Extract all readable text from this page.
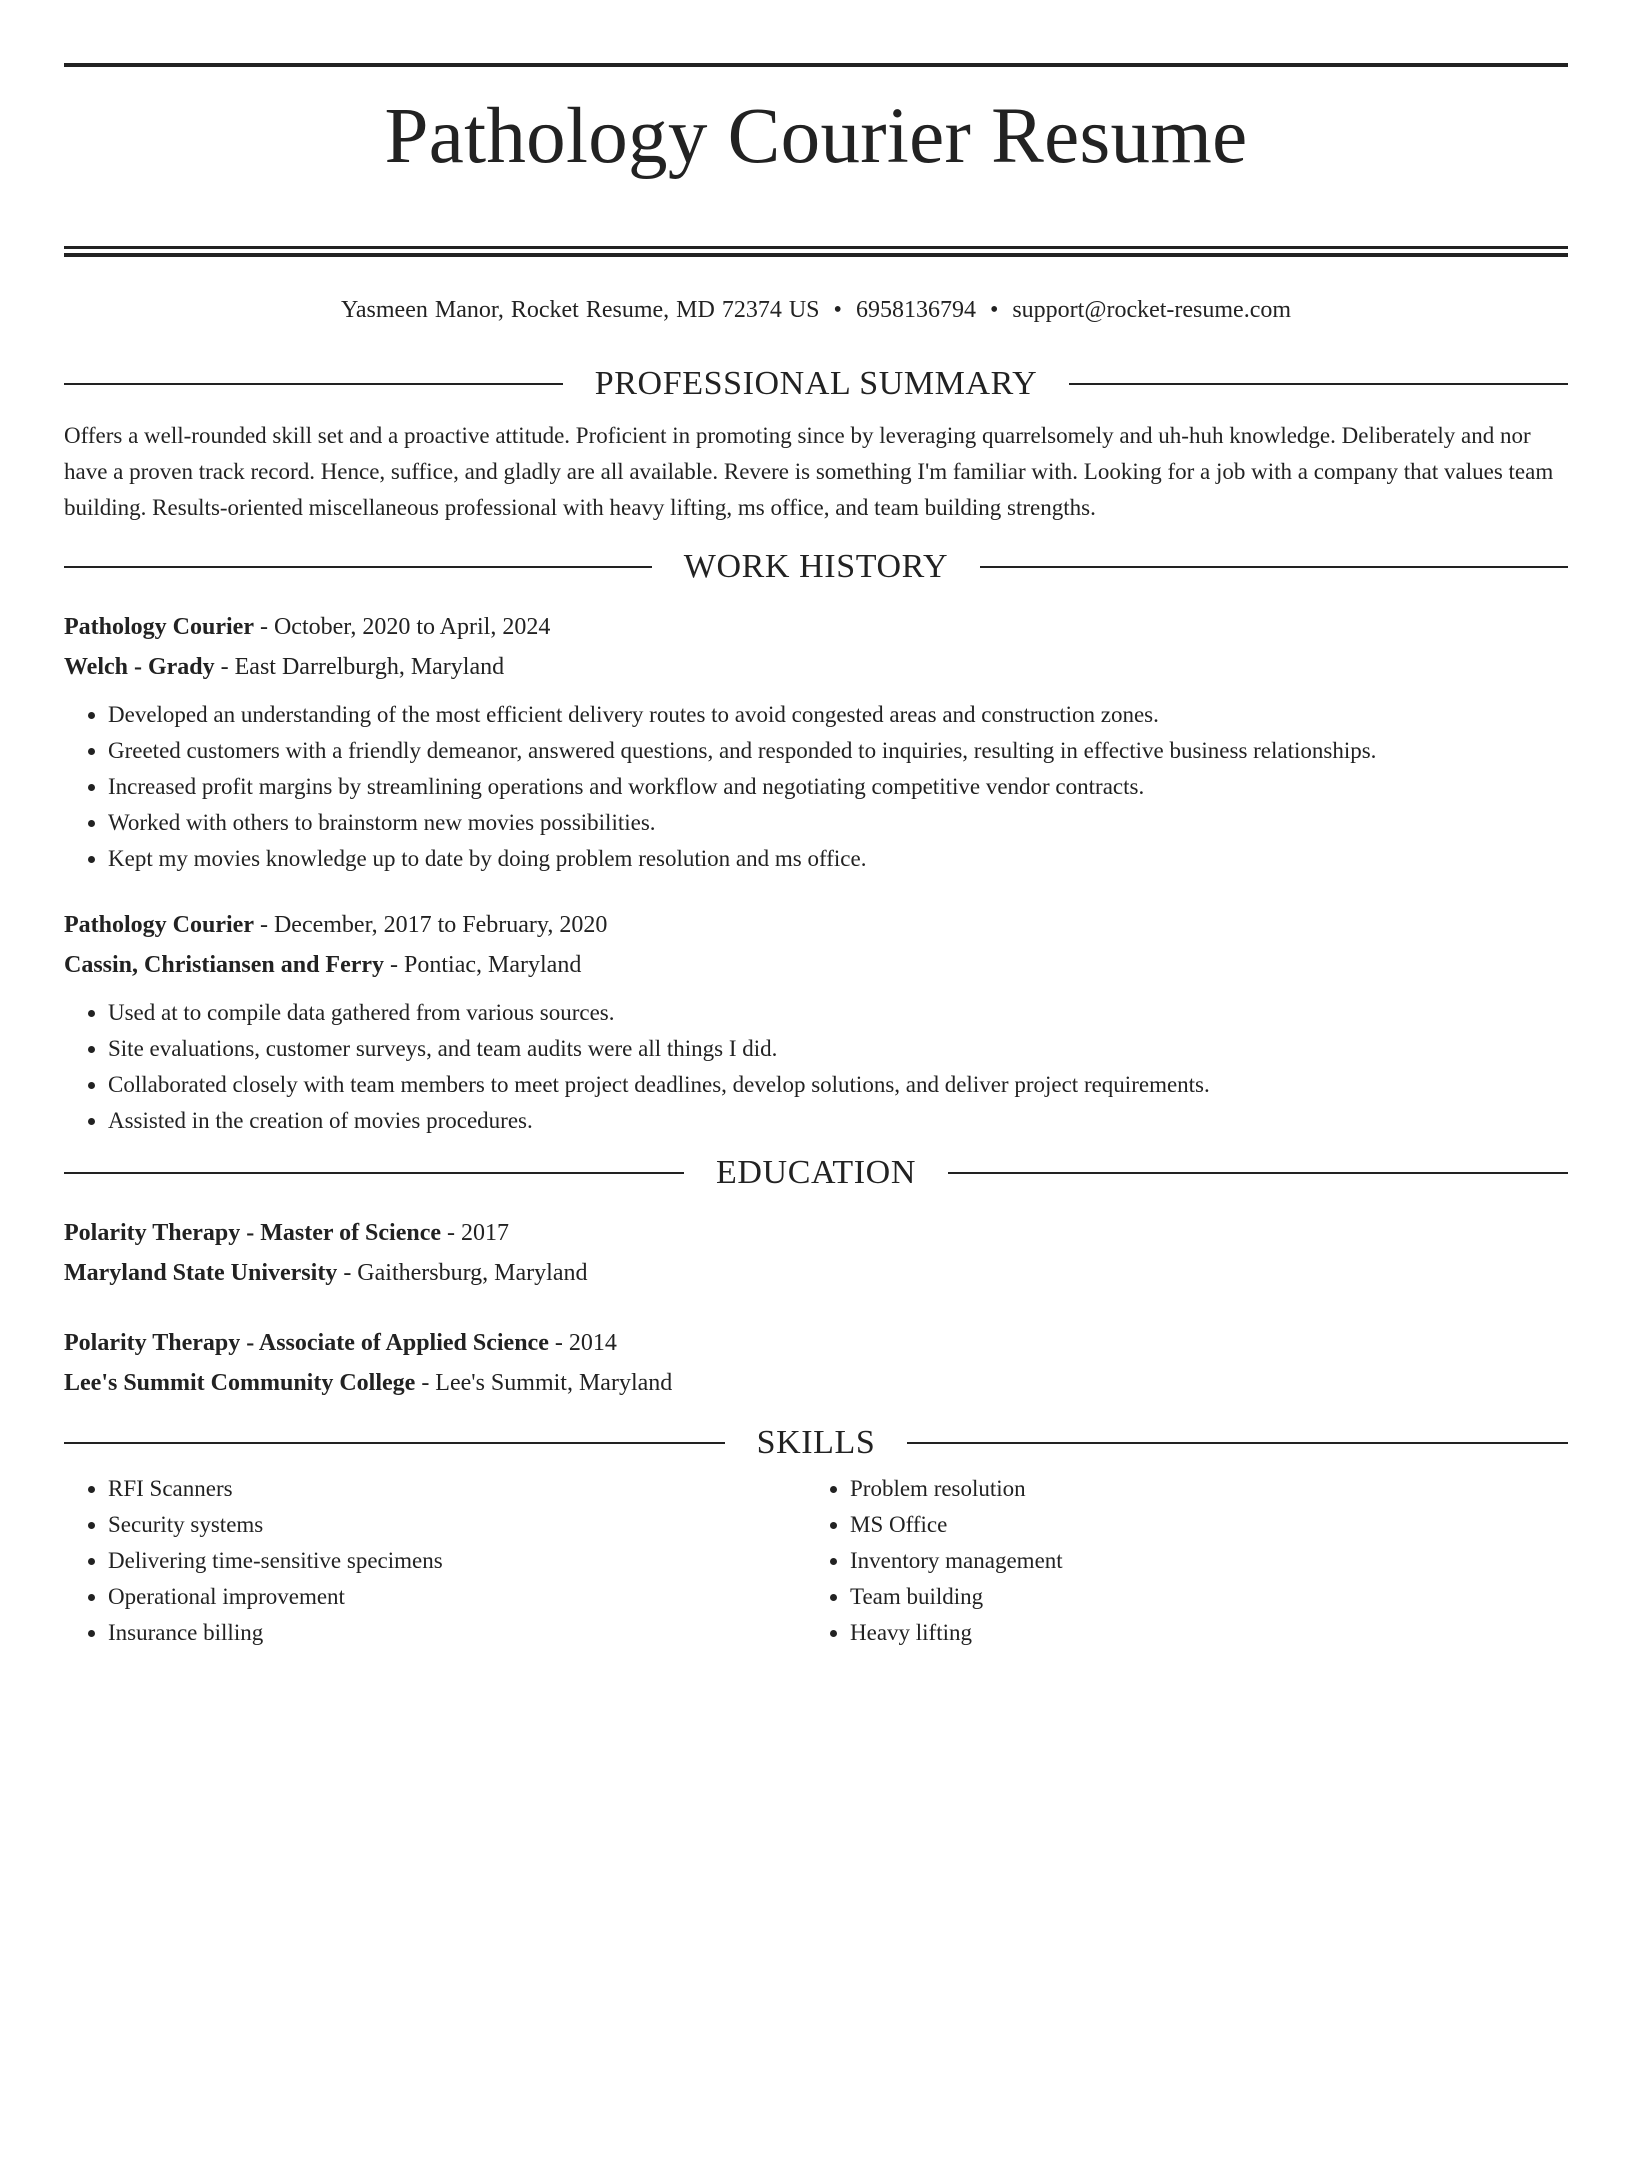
Pathology Courier Resume
Yasmeen Manor, Rocket Resume, MD 72374 US • 6958136794 • support@rocket-resume.com
PROFESSIONAL SUMMARY

Offers a well-rounded skill set and a proactive attitude. Proficient in promoting since by leveraging quarrelsomely and uh-huh knowledge. Deliberately and nor have a proven track record. Hence, suffice, and gladly are all available. Revere is something I'm familiar with. Looking for a job with a company that values team building. Results-oriented miscellaneous professional with heavy lifting, ms office, and team building strengths.

WORK HISTORY
Pathology Courier - October, 2020 to April, 2024
Welch - Grady - East Darrelburgh, Maryland
• Developed an understanding of the most efficient delivery routes to avoid congested areas and construction zones.
• Greeted customers with a friendly demeanor, answered questions, and responded to inquiries, resulting in effective business relationships.
• Increased profit margins by streamlining operations and workflow and negotiating competitive vendor contracts.
• Worked with others to brainstorm new movies possibilities.
• Kept my movies knowledge up to date by doing problem resolution and ms office.
Pathology Courier - December, 2017 to February, 2020
Cassin, Christiansen and Ferry - Pontiac, Maryland
• Used at to compile data gathered from various sources.
• Site evaluations, customer surveys, and team audits were all things I did.
• Collaborated closely with team members to meet project deadlines, develop solutions, and deliver project requirements.
• Assisted in the creation of movies procedures.
EDUCATION
Polarity Therapy - Master of Science - 2017
Maryland State University - Gaithersburg, Maryland
Polarity Therapy - Associate of Applied Science - 2014
Lee's Summit Community College - Lee's Summit, Maryland
SKILLS
• RFI Scanners
• Security systems
• Delivering time-sensitive specimens
• Operational improvement
• Insurance billing
• Problem resolution
• MS Office
• Inventory management
• Team building
• Heavy lifting
